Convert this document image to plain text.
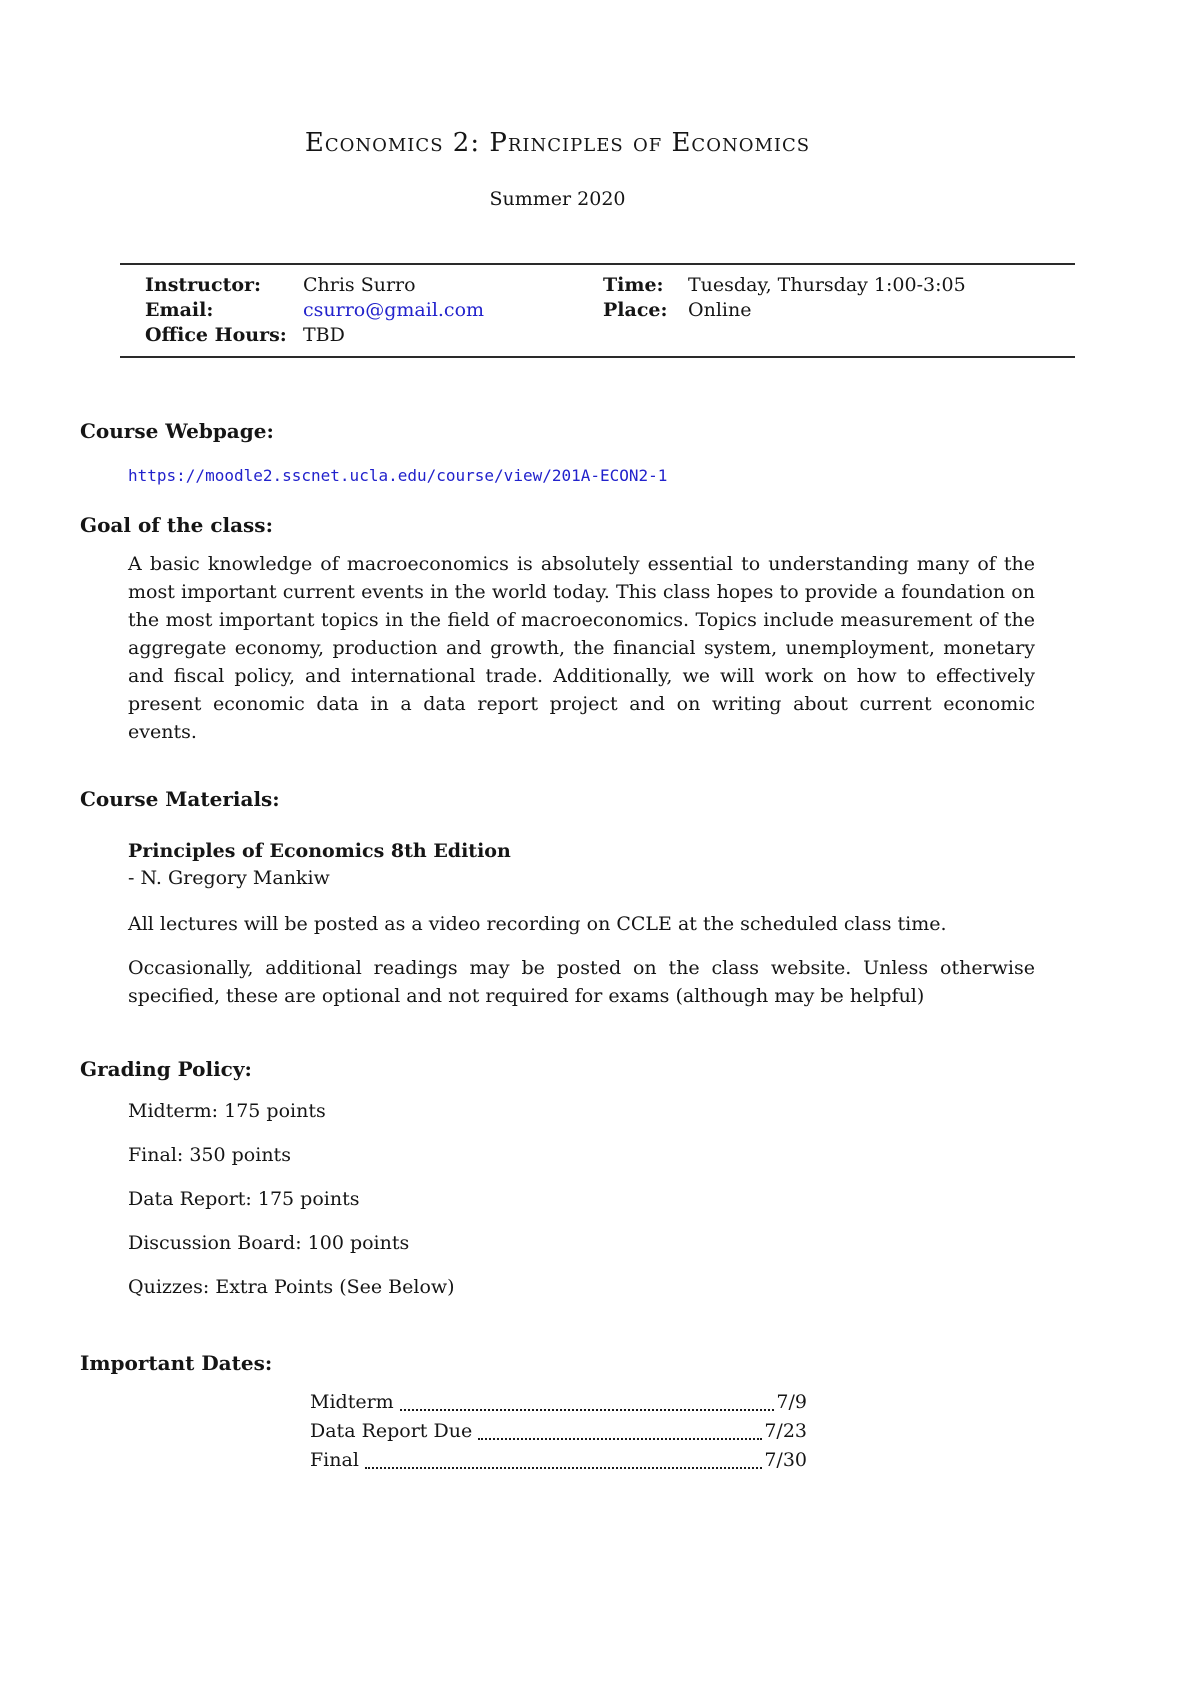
Economics 2: Principles of Economics
Summer 2020
Instructor:	Chris Surro	Time:	Tuesday, Thursday 1:00-3:05
Email:	csurro@gmail.com	Place:	Online
Office Hours: TBD
Course Webpage:
https://moodle2.sscnet.ucla.edu/course/view/201A-ECON2-1
Goal of the class:

A basic knowledge of macroeconomics is absolutely essential to understanding many of the most important current events in the world today. This class hopes to provide a foundation on the most important topics in the field of macroeconomics. Topics include measurement of the aggregate economy, production and growth, the financial system, unemployment, monetary and fiscal policy, and international trade. Additionally, we will work on how to effectively present economic data in a data report project and on writing about current economic events.

Course Materials:
Principles of Economics 8th Edition
- N. Gregory Mankiw

All lectures will be posted as a video recording on CCLE at the scheduled class time.

Occasionally, additional readings may be posted on the class website. Unless otherwise specified, these are optional and not required for exams (although may be helpful)

Grading Policy:
Midterm: 175 points
Final: 350 points
Data Report: 175 points
Discussion Board: 100 points
Quizzes: Extra Points (See Below)
Important Dates:
Midterm	7/9
Data Report Due	7/23
Final	7/30
